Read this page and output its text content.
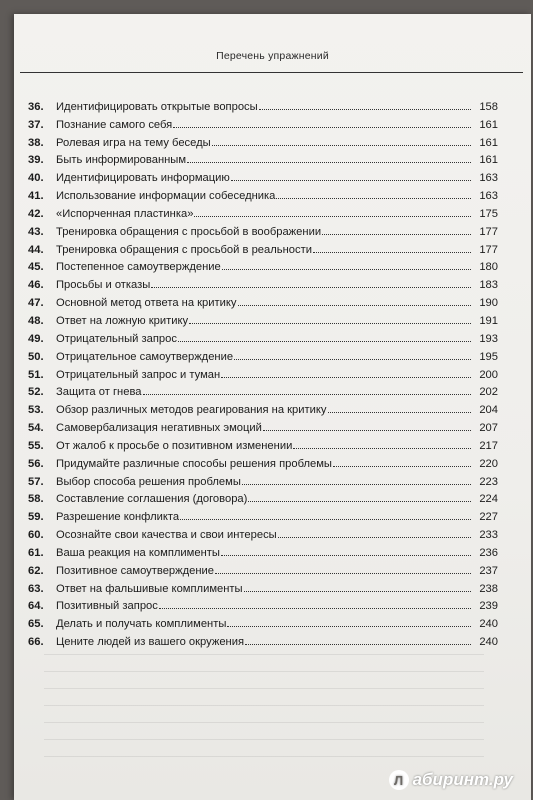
Перечень упражнений
36.	Идентифицировать открытые вопросы	158
37.	Познание самого себя	161
38.	Ролевая игра на тему беседы	161
39.	Быть информированным	161
40.	Идентифицировать информацию	163
41.	Использование информации собеседника	163
42.	«Испорченная пластинка»	175
43.	Тренировка обращения с просьбой в воображении	177
44.	Тренировка обращения с просьбой в реальности	177
45.	Постепенное самоутверждение	180
46.	Просьбы и отказы	183
47.	Основной метод ответа на критику	190
48.	Ответ на ложную критику	191
49.	Отрицательный запрос	193
50.	Отрицательное самоутверждение	195
51.	Отрицательный запрос и туман	200
52.	Защита от гнева	202
53.	Обзор различных методов реагирования на критику	204
54.	Самовербализация негативных эмоций	207
55.	От жалоб к просьбе о позитивном изменении	217
56.	Придумайте различные способы решения проблемы	220
57.	Выбор способа решения проблемы	223
58.	Составление соглашения (договора)	224
59.	Разрешение конфликта	227
60.	Осознайте свои качества и свои интересы	233
61.	Ваша реакция на комплименты	236
62.	Позитивное самоутверждение	237
63.	Ответ на фальшивые комплименты	238
64.	Позитивный запрос	239
65.	Делать и получать комплименты	240
66.	Цените людей из вашего окружения	240
Л абиринт.ру
